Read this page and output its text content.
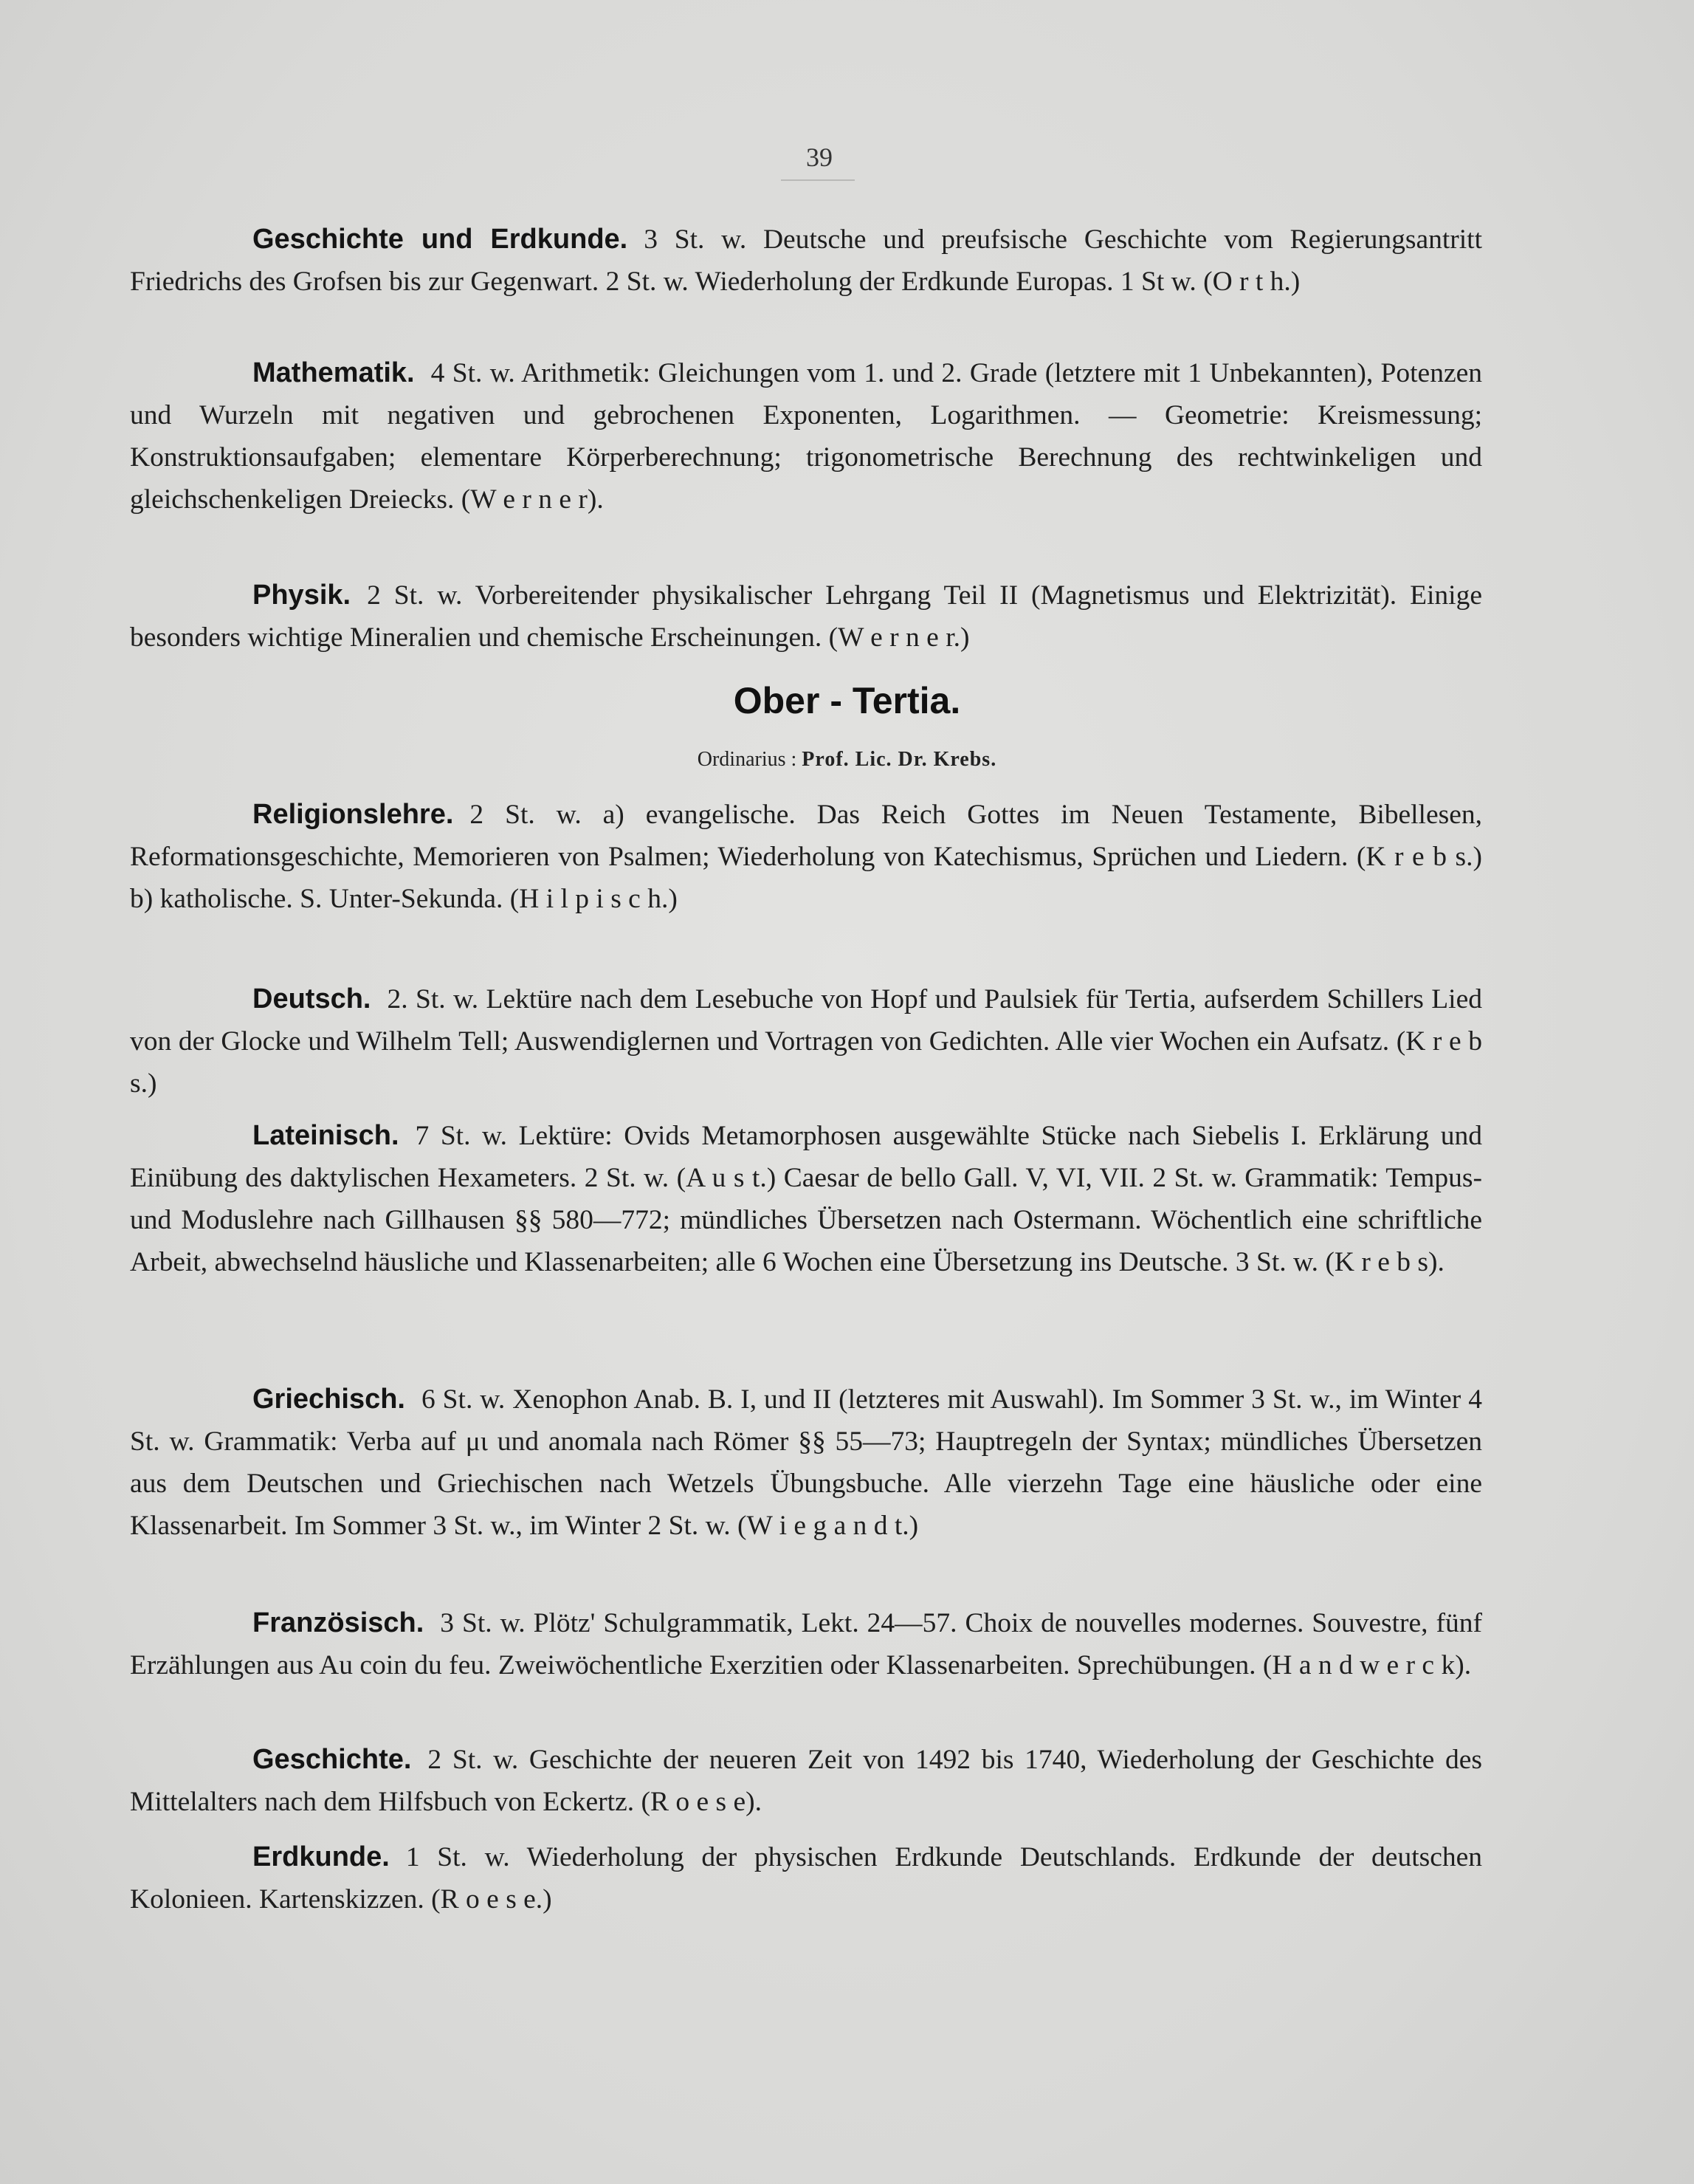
39
Geschichte und Erdkunde. 3 St. w. Deutsche und preufsische Geschichte vom Regierungsantritt Friedrichs des Grofsen bis zur Gegenwart. 2 St. w. Wiederholung der Erdkunde Europas. 1 St w. (O r t h.)
Mathematik. 4 St. w. Arithmetik: Gleichungen vom 1. und 2. Grade (letztere mit 1 Unbekannten), Potenzen und Wurzeln mit negativen und gebrochenen Exponenten, Logarithmen. — Geometrie: Kreismessung; Konstruktionsaufgaben; elementare Körperberechnung; trigonometrische Berechnung des rechtwinkeligen und gleichschenkeligen Dreiecks. (W e r n e r).
Physik. 2 St. w. Vorbereitender physikalischer Lehrgang Teil II (Magnetismus und Elektrizität). Einige besonders wichtige Mineralien und chemische Erscheinungen. (W e r n e r.)
Ober - Tertia.
Ordinarius : Prof. Lic. Dr. Krebs.
Religionslehre. 2 St. w. a) evangelische. Das Reich Gottes im Neuen Testamente, Bibellesen, Reformationsgeschichte, Memorieren von Psalmen; Wiederholung von Katechismus, Sprüchen und Liedern. (K r e b s.) b) katholische. S. Unter-Sekunda. (H i l p i s c h.)
Deutsch. 2. St. w. Lektüre nach dem Lesebuche von Hopf und Paulsiek für Tertia, aufserdem Schillers Lied von der Glocke und Wilhelm Tell; Auswendiglernen und Vortragen von Gedichten. Alle vier Wochen ein Aufsatz. (K r e b s.)
Lateinisch. 7 St. w. Lektüre: Ovids Metamorphosen ausgewählte Stücke nach Siebelis I. Erklärung und Einübung des daktylischen Hexameters. 2 St. w. (A u s t.) Caesar de bello Gall. V, VI, VII. 2 St. w. Grammatik: Tempus- und Moduslehre nach Gillhausen §§ 580—772; mündliches Übersetzen nach Ostermann. Wöchentlich eine schriftliche Arbeit, abwechselnd häusliche und Klassenarbeiten; alle 6 Wochen eine Übersetzung ins Deutsche. 3 St. w. (K r e b s).
Griechisch. 6 St. w. Xenophon Anab. B. I, und II (letzteres mit Auswahl). Im Sommer 3 St. w., im Winter 4 St. w. Grammatik: Verba auf μι und anomala nach Römer §§ 55—73; Hauptregeln der Syntax; mündliches Übersetzen aus dem Deutschen und Griechischen nach Wetzels Übungsbuche. Alle vierzehn Tage eine häusliche oder eine Klassenarbeit. Im Sommer 3 St. w., im Winter 2 St. w. (W i e g a n d t.)
Französisch. 3 St. w. Plötz' Schulgrammatik, Lekt. 24—57. Choix de nouvelles modernes. Souvestre, fünf Erzählungen aus Au coin du feu. Zweiwöchentliche Exerzitien oder Klassenarbeiten. Sprechübungen. (H a n d w e r c k).
Geschichte. 2 St. w. Geschichte der neueren Zeit von 1492 bis 1740, Wiederholung der Geschichte des Mittelalters nach dem Hilfsbuch von Eckertz. (R o e s e).
Erdkunde. 1 St. w. Wiederholung der physischen Erdkunde Deutschlands. Erdkunde der deutschen Kolonieen. Kartenskizzen. (R o e s e.)
